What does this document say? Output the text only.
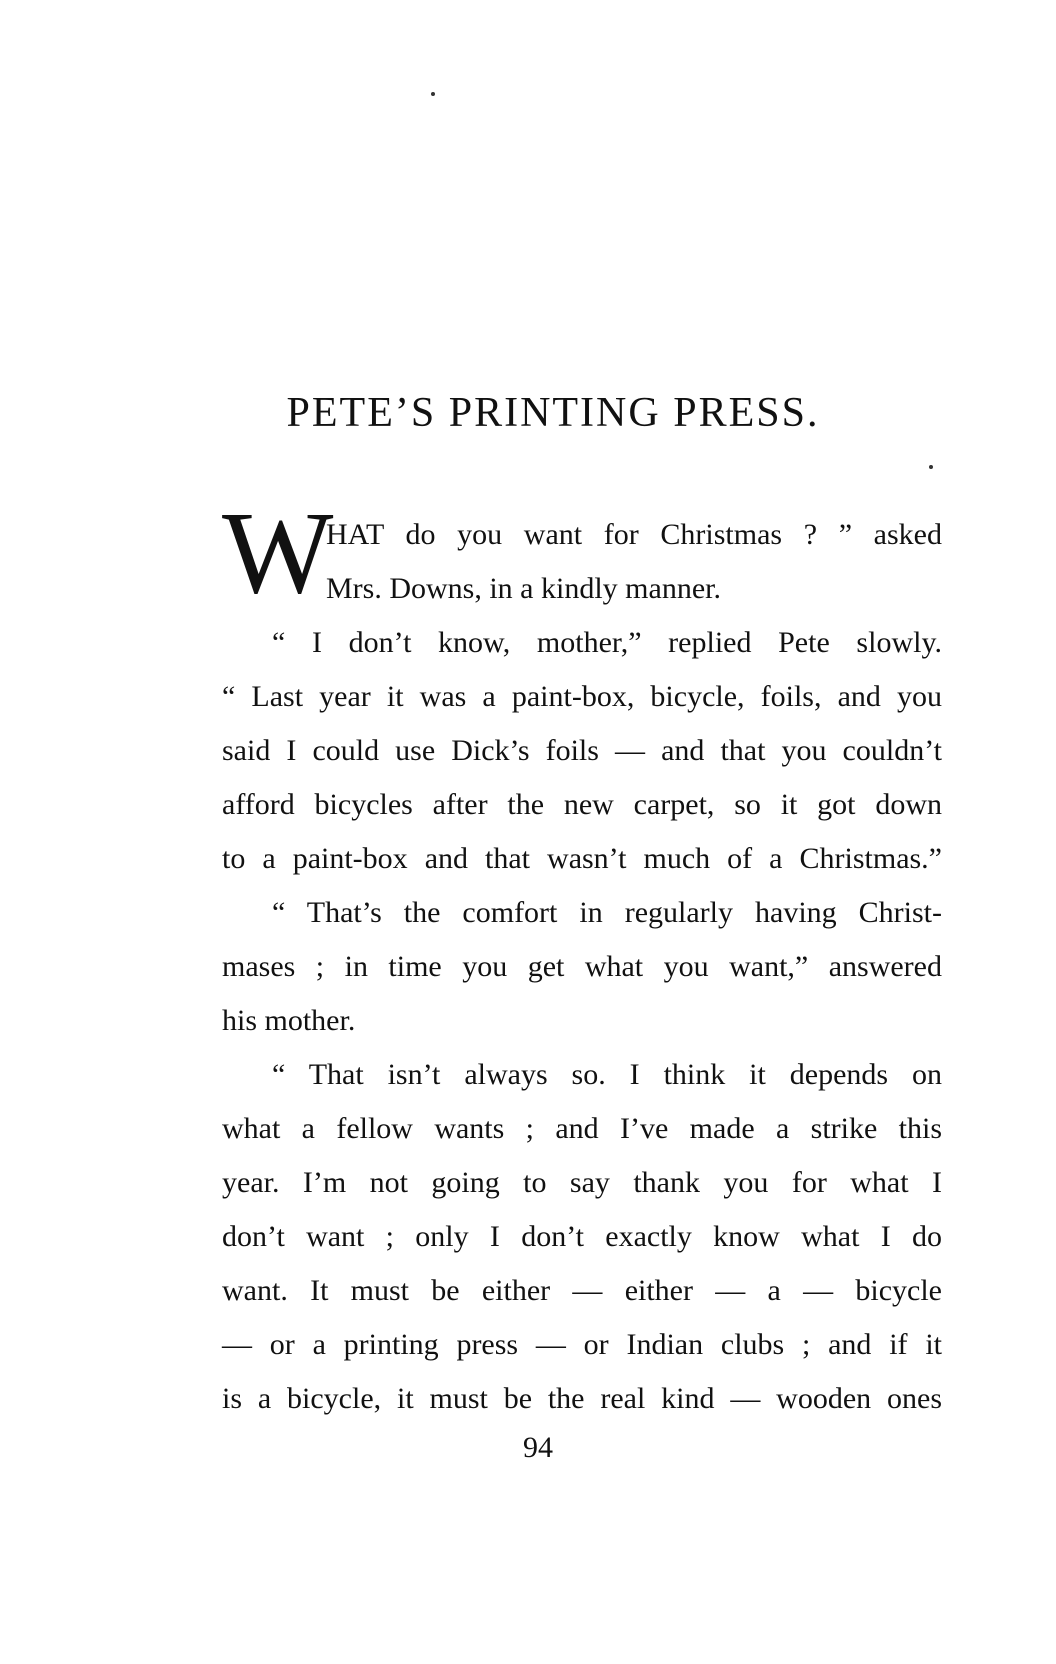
PETE’S PRINTING PRESS.
W
HAT do you want for Christmas ? ” asked
Mrs. Downs, in a kindly manner.
“ I don’t know, mother,” replied Pete slowly.
“ Last year it was a paint-box, bicycle, foils, and you
said I could use Dick’s foils — and that you couldn’t
afford bicycles after the new carpet, so it got down
to a paint-box and that wasn’t much of a Christmas.”
“ That’s the comfort in regularly having Christ-
mases ; in time you get what you want,” answered
his mother.
“ That isn’t always so. I think it depends on
what a fellow wants ; and I’ve made a strike this
year. I’m not going to say thank you for what I
don’t want ; only I don’t exactly know what I do
want. It must be either — either — a — bicycle
— or a printing press — or Indian clubs ; and if it
is a bicycle, it must be the real kind — wooden ones
94
